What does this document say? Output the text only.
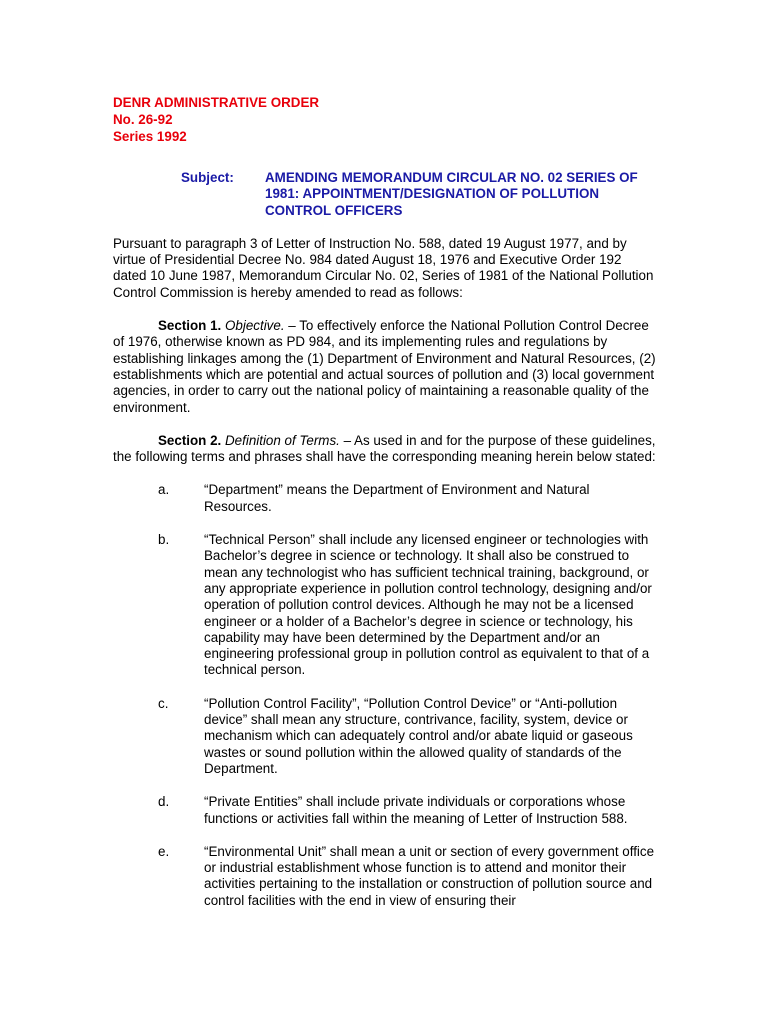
DENR ADMINISTRATIVE ORDER
No. 26-92
Series 1992
Subject:	AMENDING MEMORANDUM CIRCULAR NO. 02 SERIES OF 1981: APPOINTMENT/DESIGNATION OF POLLUTION CONTROL OFFICERS

Pursuant to paragraph 3 of Letter of Instruction No. 588, dated 19 August 1977, and by virtue of Presidential Decree No. 984 dated August 18, 1976 and Executive Order 192 dated 10 June 1987, Memorandum Circular No. 02, Series of 1981 of the National Pollution Control Commission is hereby amended to read as follows:

Section 1. Objective. – To effectively enforce the National Pollution Control Decree of 1976, otherwise known as PD 984, and its implementing rules and regulations by establishing linkages among the (1) Department of Environment and Natural Resources, (2) establishments which are potential and actual sources of pollution and (3) local government agencies, in order to carry out the national policy of maintaining a reasonable quality of the environment.

Section 2. Definition of Terms. – As used in and for the purpose of these guidelines, the following terms and phrases shall have the corresponding meaning herein below stated:

a.	“Department” means the Department of Environment and Natural Resources.
b.	“Technical Person” shall include any licensed engineer or technologies with Bachelor’s degree in science or technology. It shall also be construed to mean any technologist who has sufficient technical training, background, or any appropriate experience in pollution control technology, designing and/or operation of pollution control devices. Although he may not be a licensed engineer or a holder of a Bachelor’s degree in science or technology, his capability may have been determined by the Department and/or an engineering professional group in pollution control as equivalent to that of a technical person.
c.	“Pollution Control Facility”, “Pollution Control Device” or “Anti-pollution device” shall mean any structure, contrivance, facility, system, device or mechanism which can adequately control and/or abate liquid or gaseous wastes or sound pollution within the allowed quality of standards of the Department.
d.	“Private Entities” shall include private individuals or corporations whose functions or activities fall within the meaning of Letter of Instruction 588.
e.	“Environmental Unit” shall mean a unit or section of every government office or industrial establishment whose function is to attend and monitor their activities pertaining to the installation or construction of pollution source and control facilities with the end in view of ensuring their
